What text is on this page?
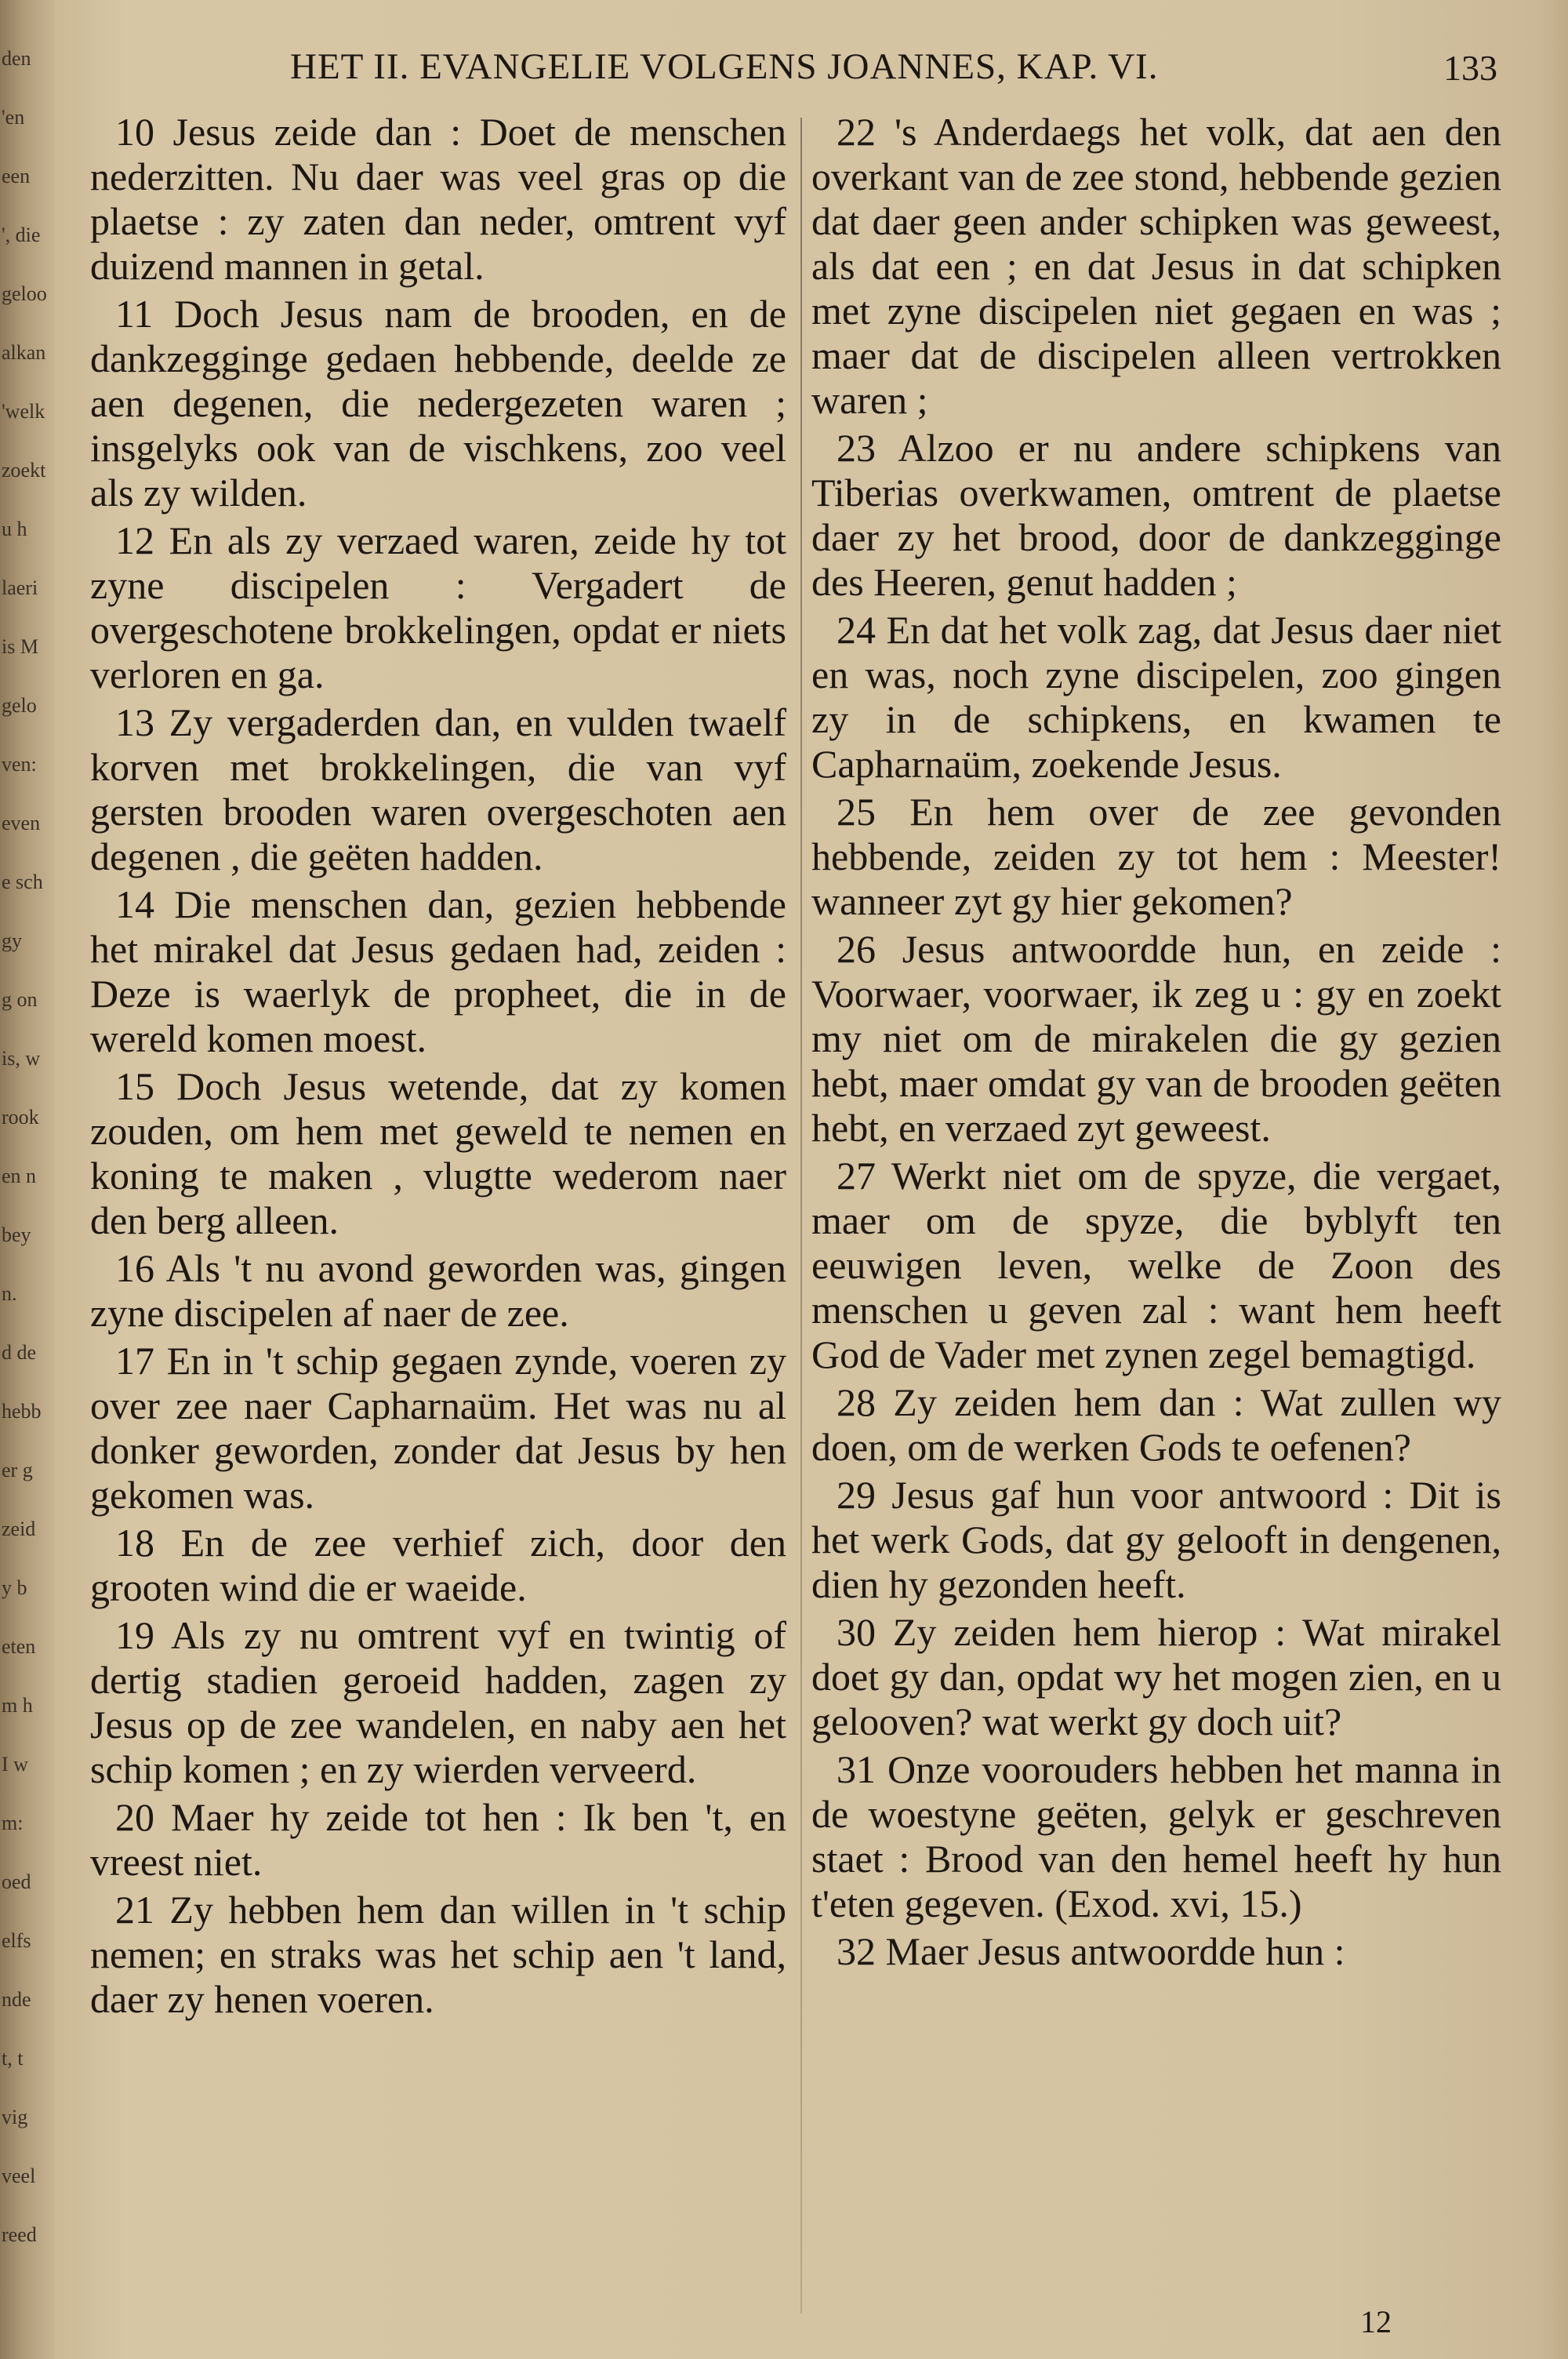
den
'en
een
', die
geloo
alkan
'welk
zoekt
u h
laeri
is M
gelo
ven:
even
e sch
gy
g on
is, w
rook
en n
bey
n.
d de
hebb
er g
zeid
y b
eten
m h
I w
m:
oed
elfs
nde
t, t
vig
veel
reed
HET II. EVANGELIE VOLGENS JOANNES, KAP. VI.	133

10 Jesus zeide dan : Doet de menschen nederzitten. Nu daer was veel gras op die plaetse : zy zaten dan neder, omtrent vyf duizend mannen in getal.

11 Doch Jesus nam de brooden, en de dankzegginge gedaen hebbende, deelde ze aen degenen, die nedergezeten waren ; insgelyks ook van de vischkens, zoo veel als zy wilden.

12 En als zy verzaed waren, zeide hy tot zyne discipelen : Vergadert de overgeschotene brokkelingen, opdat er niets verloren en ga.

13 Zy vergaderden dan, en vulden twaelf korven met brokkelingen, die van vyf gersten brooden waren overgeschoten aen degenen , die geëten hadden.

14 Die menschen dan, gezien hebbende het mirakel dat Jesus gedaen had, zeiden : Deze is waerlyk de propheet, die in de wereld komen moest.

15 Doch Jesus wetende, dat zy komen zouden, om hem met geweld te nemen en koning te maken , vlugtte wederom naer den berg alleen.

16 Als 't nu avond geworden was, gingen zyne discipelen af naer de zee.

17 En in 't schip gegaen zynde, voeren zy over zee naer Capharnaüm. Het was nu al donker geworden, zonder dat Jesus by hen gekomen was.

18 En de zee verhief zich, door den grooten wind die er waeide.

19 Als zy nu omtrent vyf en twintig of dertig stadien geroeid hadden, zagen zy Jesus op de zee wandelen, en naby aen het schip komen ; en zy wierden verveerd.

20 Maer hy zeide tot hen : Ik ben 't, en vreest niet.

21 Zy hebben hem dan willen in 't schip nemen; en straks was het schip aen 't land, daer zy henen voeren.

22 's Anderdaegs het volk, dat aen den overkant van de zee stond, hebbende gezien dat daer geen ander schipken was geweest, als dat een ; en dat Jesus in dat schipken met zyne discipelen niet gegaen en was ; maer dat de discipelen alleen vertrokken waren ;

23 Alzoo er nu andere schipkens van Tiberias overkwamen, omtrent de plaetse daer zy het brood, door de dankzegginge des Heeren, genut hadden ;

24 En dat het volk zag, dat Jesus daer niet en was, noch zyne discipelen, zoo gingen zy in de schipkens, en kwamen te Capharnaüm, zoekende Jesus.

25 En hem over de zee gevonden hebbende, zeiden zy tot hem : Meester! wanneer zyt gy hier gekomen?

26 Jesus antwoordde hun, en zeide : Voorwaer, voorwaer, ik zeg u : gy en zoekt my niet om de mirakelen die gy gezien hebt, maer omdat gy van de brooden geëten hebt, en verzaed zyt geweest.

27 Werkt niet om de spyze, die vergaet, maer om de spyze, die byblyft ten eeuwigen leven, welke de Zoon des menschen u geven zal : want hem heeft God de Vader met zynen zegel bemagtigd.

28 Zy zeiden hem dan : Wat zullen wy doen, om de werken Gods te oefenen?

29 Jesus gaf hun voor antwoord : Dit is het werk Gods, dat gy gelooft in dengenen, dien hy gezonden heeft.

30 Zy zeiden hem hierop : Wat mirakel doet gy dan, opdat wy het mogen zien, en u gelooven? wat werkt gy doch uit?

31 Onze voorouders hebben het manna in de woestyne geëten, gelyk er geschreven staet : Brood van den hemel heeft hy hun t'eten gegeven. (Exod. xvi, 15.)

32 Maer Jesus antwoordde hun :

12
